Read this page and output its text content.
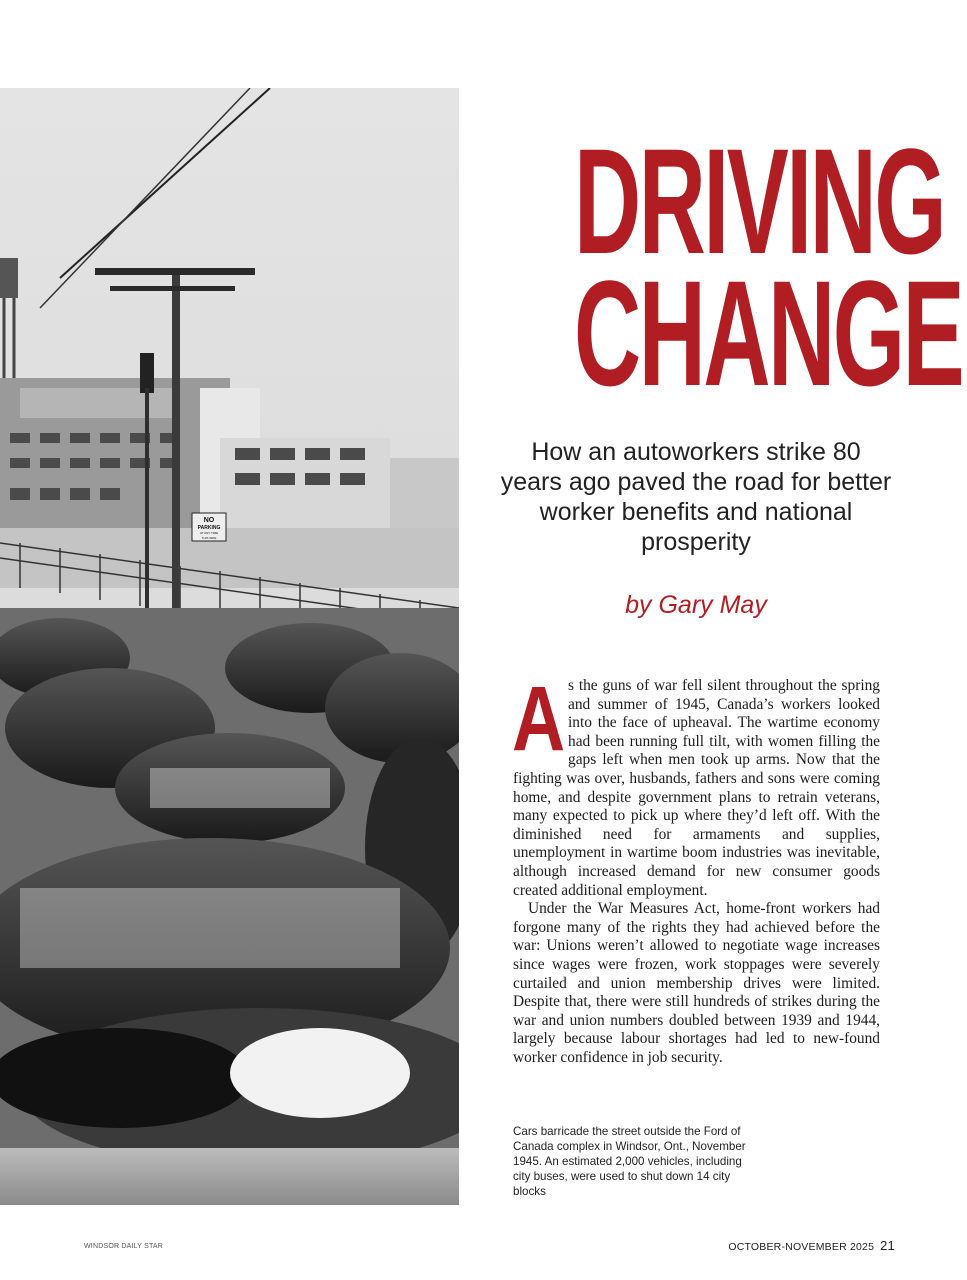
NO
PARKING
AT ANY TIME
THIS SIDE
DRIVING
CHANGE
How an autoworkers strike 80 years ago paved the road for better worker benefits and national prosperity
by Gary May

As the guns of war fell silent throughout the spring and summer of 1945, Canada’s workers looked into the face of upheaval. The wartime economy had been running full tilt, with women filling the gaps left when men took up arms. Now that the fighting was over, husbands, fathers and sons were coming home, and despite government plans to retrain veterans, many expected to pick up where they’d left off. With the diminished need for armaments and supplies, unemployment in wartime boom industries was inevitable, although increased demand for new consumer goods created additional employment.

Under the War Measures Act, home-front workers had forgone many of the rights they had achieved before the war: Unions weren’t allowed to negotiate wage increases since wages were frozen, work stoppages were severely curtailed and union membership drives were limited. Despite that, there were still hundreds of strikes during the war and union numbers doubled between 1939 and 1944, largely because labour shortages had led to new-found worker confidence in job security.

Cars barricade the street outside the Ford of Canada complex in Windsor, Ont., November 1945. An estimated 2,000 vehicles, including city buses, were used to shut down 14 city blocks
WINDSOR DAILY STAR	OCTOBER-NOVEMBER 2025 21
